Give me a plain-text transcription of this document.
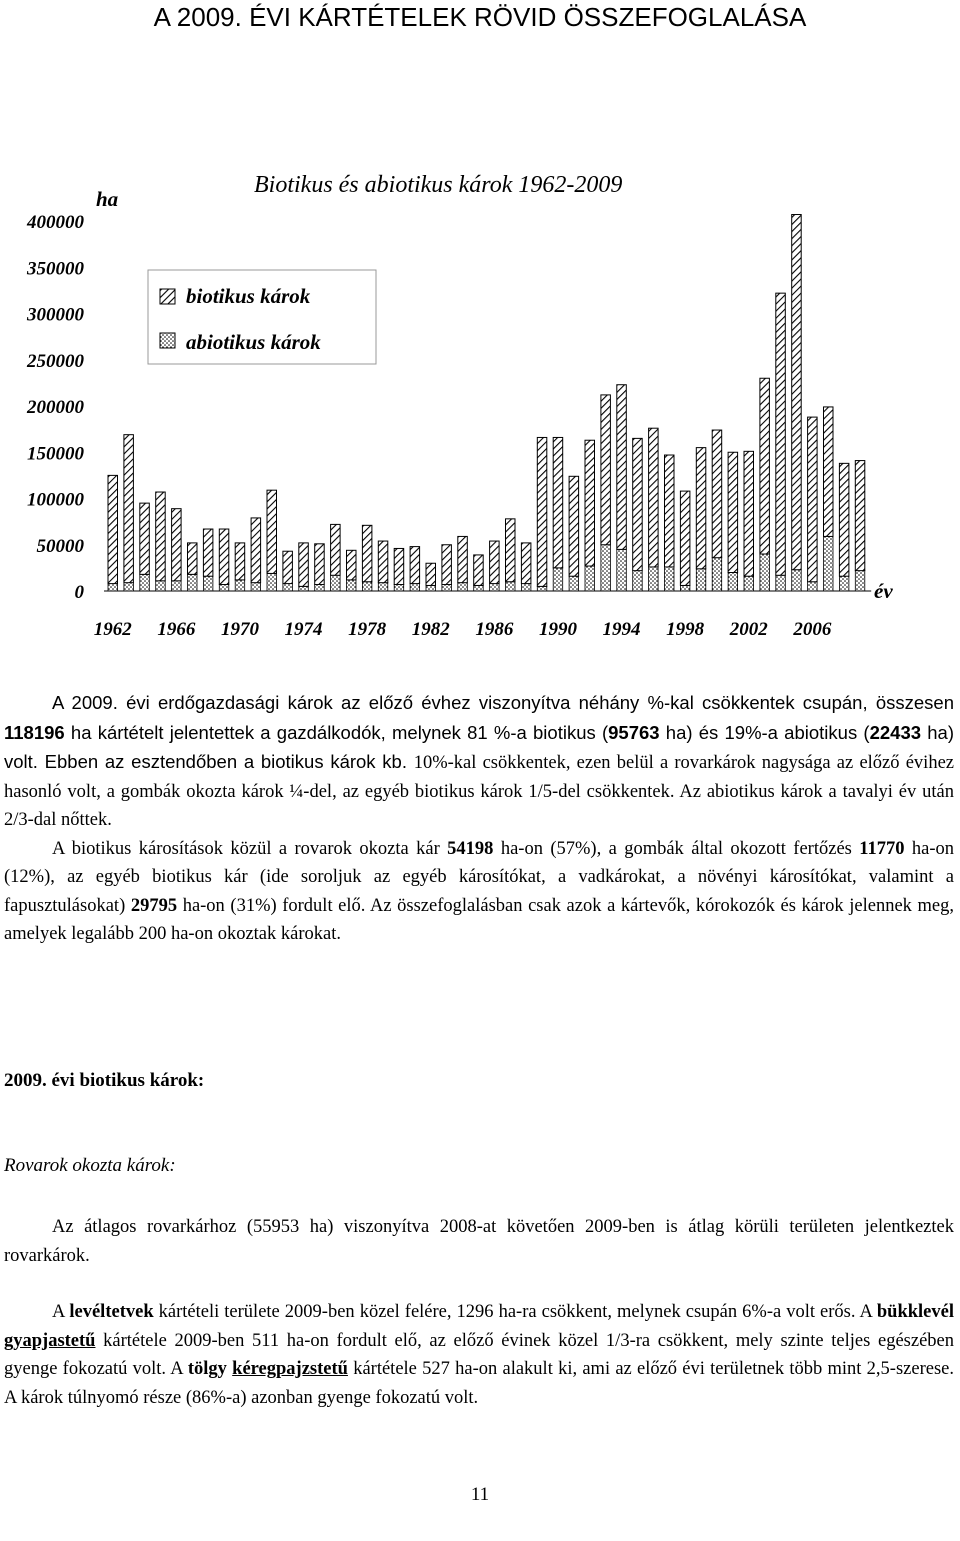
A 2009. ÉVI KÁRTÉTELEK RÖVID ÖSSZEFOGLALÁSA
Biotikus és abiotikus károk 1962-2009
ha
év
400000
350000
300000
250000
200000
150000
100000
50000
0
1962 1966 1970 1974 1978 1982 1986 1990 1994 1998 2002 2006
biotikus károk
abiotikus károk

A 2009. évi erdőgazdasági károk az előző évhez viszonyítva néhány %-kal csökkentek csupán, összesen 118196 ha kártételt jelentettek a gazdálkodók, melynek 81 %-a biotikus (95763 ha) és 19%-a abiotikus (22433 ha) volt. Ebben az esztendőben a biotikus károk kb. 10%-kal csökkentek, ezen belül a rovarkárok nagysága az előző évihez hasonló volt, a gombák okozta károk ¼-del, az egyéb biotikus károk 1/5-del csökkentek. Az abiotikus károk a tavalyi év után 2/3-dal nőttek.

A biotikus károsítások közül a rovarok okozta kár 54198 ha-on (57%), a gombák által okozott fertőzés 11770 ha-on (12%), az egyéb biotikus kár (ide soroljuk az egyéb károsítókat, a vadkárokat, a növényi károsítókat, valamint a fapusztulásokat) 29795 ha-on (31%) fordult elő. Az összefoglalásban csak azok a kártevők, kórokozók és károk jelennek meg, amelyek legalább 200 ha-on okoztak károkat.

2009. évi biotikus károk:
Rovarok okozta károk:

Az átlagos rovarkárhoz (55953 ha) viszonyítva 2008-at követően 2009-ben is átlag körüli területen jelentkeztek rovarkárok.

A levéltetvek kártételi területe 2009-ben közel felére, 1296 ha-ra csökkent, melynek csupán 6%-a volt erős. A bükklevél gyapjastetű kártétele 2009-ben 511 ha-on fordult elő, az előző évinek közel 1/3-ra csökkent, mely szinte teljes egészében gyenge fokozatú volt. A tölgy kéregpajzstetű kártétele 527 ha-on alakult ki, ami az előző évi területnek több mint 2,5-szerese. A károk túlnyomó része (86%-a) azonban gyenge fokozatú volt.

11
